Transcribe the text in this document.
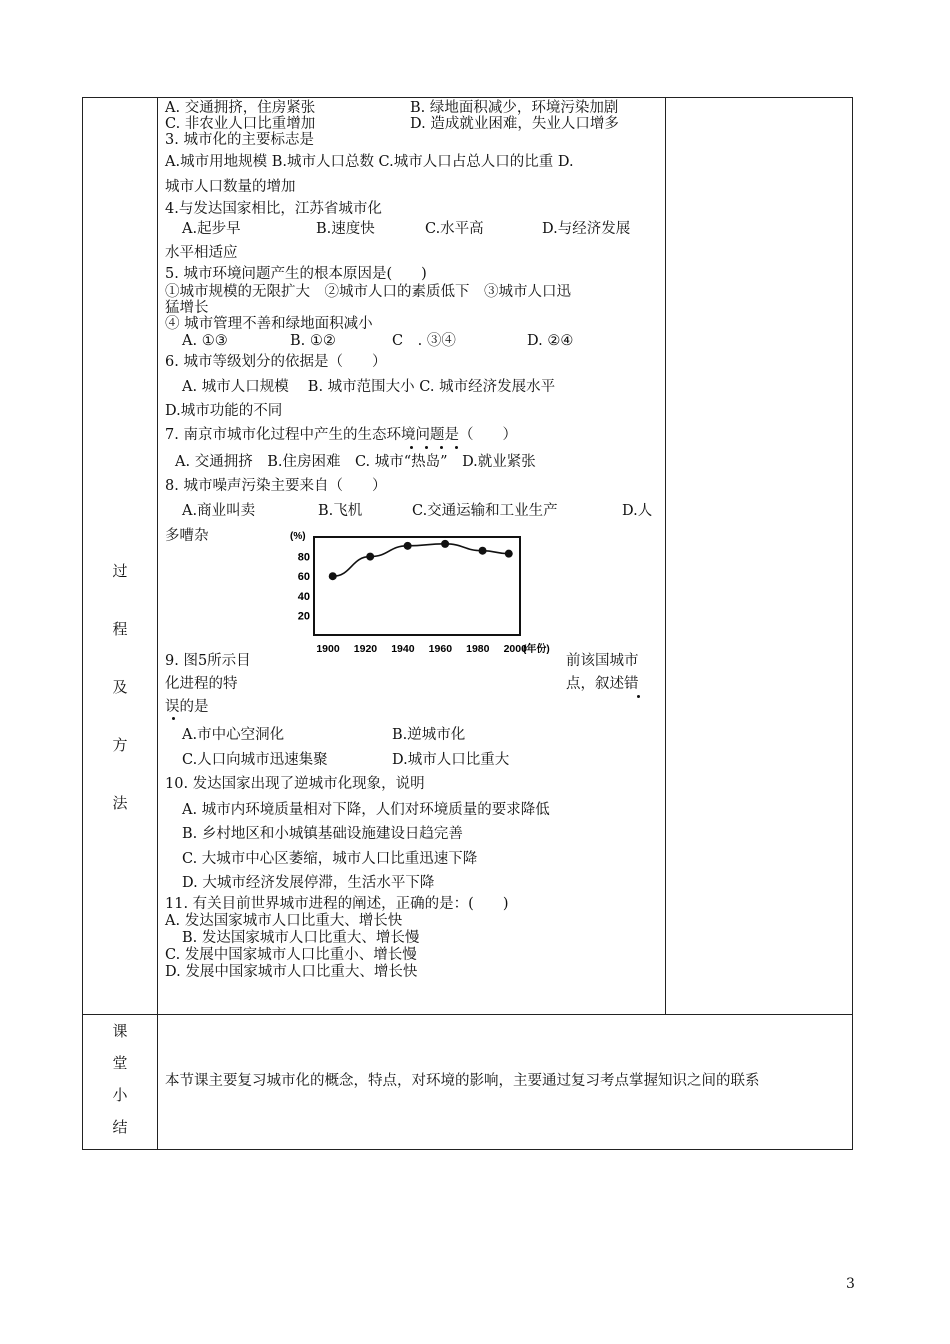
过
程
及
方
法
课
堂
小
结
A. 交通拥挤，住房紧张	B. 绿地面积减少，环境污染加剧
C. 非农业人口比重增加	D. 造成就业困难，失业人口增多
3. 城市化的主要标志是
A.城市用地规模 B.城市人口总数 C.城市人口占总人口的比重 D.
城市人口数量的增加
4.与发达国家相比，江苏省城市化
A.起步早	B.速度快	C.水平高	D.与经济发展
水平相适应
5. 城市环境问题产生的根本原因是(　　)
①城市规模的无限扩大　②城市人口的素质低下　③城市人口迅
猛增长
④ 城市管理不善和绿地面积减小
A. ①③	B. ①②	C　. ③④	D. ②④
6. 城市等级划分的依据是（　　）
A. 城市人口规模　 B. 城市范围大小 C. 城市经济发展水平
D.城市功能的不同
7. 南京市城市化过程中产生的生态环境问题是（　　）
A. 交通拥挤　B.住房困难　C. 城市“热岛”　D.就业紧张
8. 城市噪声污染主要来自（　　）
A.商业叫卖	B.飞机	C.交通运输和工业生产	D.人
多嘈杂
9. 图5所示目	前该国城市
化进程的特	点，叙述错
误的是
A.市中心空洞化	B.逆城市化
C.人口向城市迅速集聚	D.城市人口比重大
10. 发达国家出现了逆城市化现象，说明
A. 城市内环境质量相对下降，人们对环境质量的要求降低
B. 乡村地区和小城镇基础设施建设日趋完善
C. 大城市中心区萎缩，城市人口比重迅速下降
D. 大城市经济发展停滞，生活水平下降
11. 有关目前世界城市进程的阐述，正确的是：(　　)
A. 发达国家城市人口比重大、增长快
B. 发达国家城市人口比重大、增长慢
C. 发展中国家城市人口比重小、增长慢
D. 发展中国家城市人口比重大、增长快
(%)
80
60
40
20
1900 1920 1940 1960 1980 2000
(年份)
本节课主要复习城市化的概念，特点，对环境的影响，主要通过复习考点掌握知识之间的联系
3
